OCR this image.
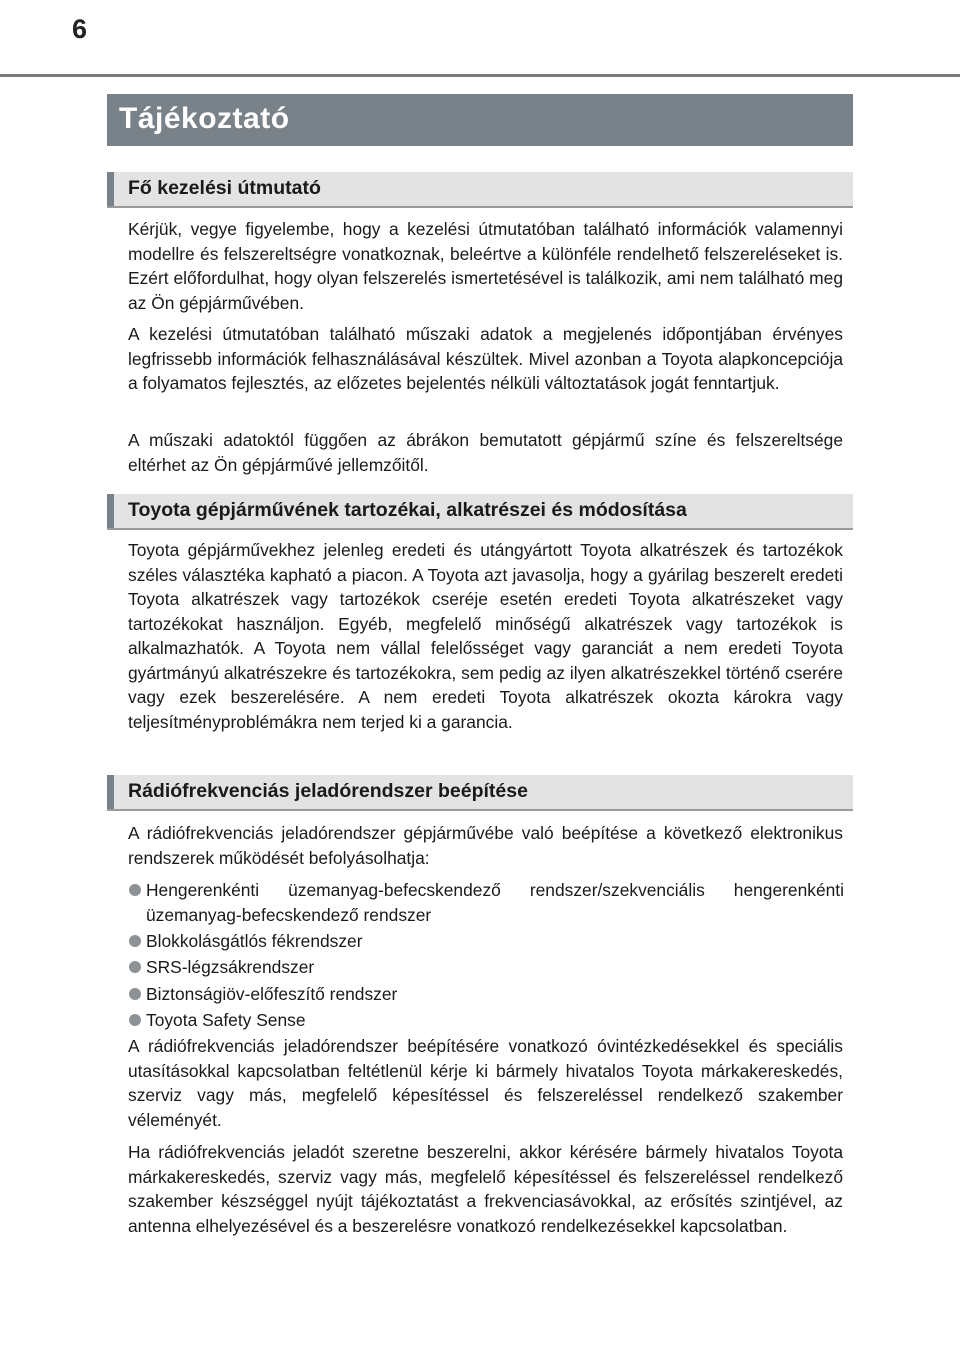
6
Tájékoztató
Fő kezelési útmutató

Kérjük, vegye figyelembe, hogy a kezelési útmutatóban található információk valamennyi modellre és felszereltségre vonatkoznak, beleértve a különféle rendelhető felszereléseket is. Ezért előfordulhat, hogy olyan felszerelés ismertetésével is találkozik, ami nem található meg az Ön gépjárművében.

A kezelési útmutatóban található műszaki adatok a megjelenés időpontjában érvényes legfrissebb információk felhasználásával készültek. Mivel azonban a Toyota alapkoncepciója a folyamatos fejlesztés, az előzetes bejelentés nélküli változtatások jogát fenntartjuk.

A műszaki adatoktól függően az ábrákon bemutatott gépjármű színe és felszereltsége eltérhet az Ön gépjárművé jellemzőitől.

Toyota gépjárművének tartozékai, alkatrészei és módosítása

Toyota gépjárművekhez jelenleg eredeti és utángyártott Toyota alkatrészek és tartozékok széles választéka kapható a piacon. A Toyota azt javasolja, hogy a gyárilag beszerelt eredeti Toyota alkatrészek vagy tartozékok cseréje esetén eredeti Toyota alkatrészeket vagy tartozékokat használjon. Egyéb, megfelelő minőségű alkatrészek vagy tartozékok is alkalmazhatók. A Toyota nem vállal felelősséget vagy garanciát a nem eredeti Toyota gyártmányú alkatrészekre és tartozékokra, sem pedig az ilyen alkatrészekkel történő cserére vagy ezek beszerelésére. A nem eredeti Toyota alkatrészek okozta károkra vagy teljesítményproblémákra nem terjed ki a garancia.

Rádiófrekvenciás jeladórendszer beépítése

A rádiófrekvenciás jeladórendszer gépjárművébe való beépítése a következő elektronikus rendszerek működését befolyásolhatja:

Hengerenkénti üzemanyag-befecskendező rendszer/szekvenciális hengerenkénti üzemanyag-befecskendező rendszer
Blokkolásgátlós fékrendszer
SRS-légzsákrendszer
Biztonságiöv-előfeszítő rendszer
Toyota Safety Sense

A rádiófrekvenciás jeladórendszer beépítésére vonatkozó óvintézkedésekkel és speciális utasításokkal kapcsolatban feltétlenül kérje ki bármely hivatalos Toyota márkakereskedés, szerviz vagy más, megfelelő képesítéssel és felszereléssel rendelkező szakember véleményét.

Ha rádiófrekvenciás jeladót szeretne beszerelni, akkor kérésére bármely hivatalos Toyota márkakereskedés, szerviz vagy más, megfelelő képesítéssel és felszereléssel rendelkező szakember készséggel nyújt tájékoztatást a frekvenciasávokkal, az erősítés szintjével, az antenna elhelyezésével és a beszerelésre vonatkozó rendelkezésekkel kapcsolatban.
